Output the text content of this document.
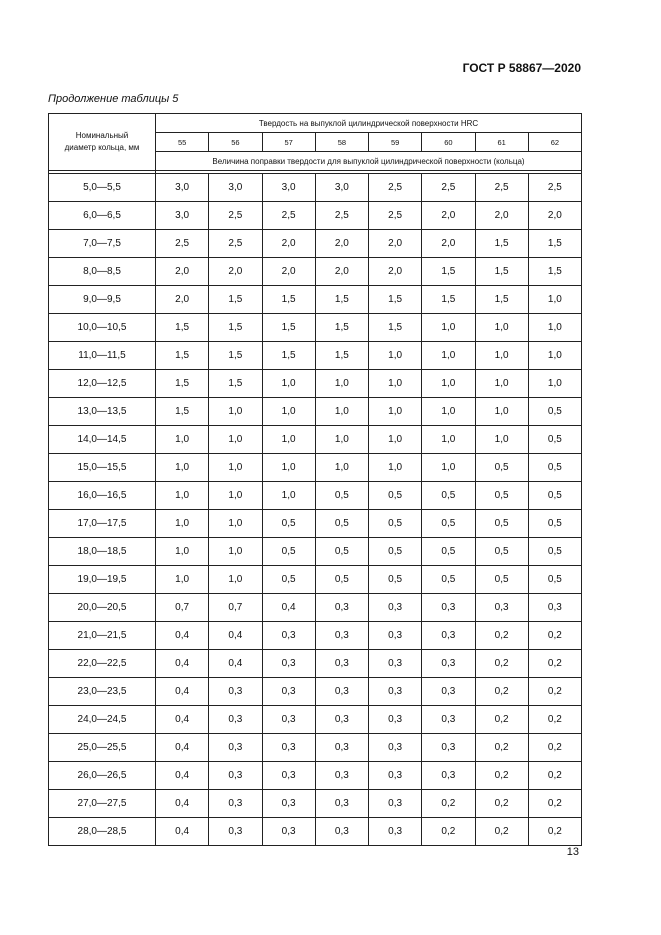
ГОСТ Р 58867—2020
Продолжение таблицы 5
Номинальный
диаметр кольца, мм	Твердость на выпуклой цилиндрической поверхности HRC							
	55	56	57	58	59	60	61	62
	Величина поправки твердости для выпуклой цилиндрической поверхности (кольца)							

5,0—5,5	3,0	3,0	3,0	3,0	2,5	2,5	2,5	2,5
6,0—6,5	3,0	2,5	2,5	2,5	2,5	2,0	2,0	2,0
7,0—7,5	2,5	2,5	2,0	2,0	2,0	2,0	1,5	1,5
8,0—8,5	2,0	2,0	2,0	2,0	2,0	1,5	1,5	1,5
9,0—9,5	2,0	1,5	1,5	1,5	1,5	1,5	1,5	1,0
10,0—10,5	1,5	1,5	1,5	1,5	1,5	1,0	1,0	1,0
11,0—11,5	1,5	1,5	1,5	1,5	1,0	1,0	1,0	1,0
12,0—12,5	1,5	1,5	1,0	1,0	1,0	1,0	1,0	1,0
13,0—13,5	1,5	1,0	1,0	1,0	1,0	1,0	1,0	0,5
14,0—14,5	1,0	1,0	1,0	1,0	1,0	1,0	1,0	0,5
15,0—15,5	1,0	1,0	1,0	1,0	1,0	1,0	0,5	0,5
16,0—16,5	1,0	1,0	1,0	0,5	0,5	0,5	0,5	0,5
17,0—17,5	1,0	1,0	0,5	0,5	0,5	0,5	0,5	0,5
18,0—18,5	1,0	1,0	0,5	0,5	0,5	0,5	0,5	0,5
19,0—19,5	1,0	1,0	0,5	0,5	0,5	0,5	0,5	0,5
20,0—20,5	0,7	0,7	0,4	0,3	0,3	0,3	0,3	0,3
21,0—21,5	0,4	0,4	0,3	0,3	0,3	0,3	0,2	0,2
22,0—22,5	0,4	0,4	0,3	0,3	0,3	0,3	0,2	0,2
23,0—23,5	0,4	0,3	0,3	0,3	0,3	0,3	0,2	0,2
24,0—24,5	0,4	0,3	0,3	0,3	0,3	0,3	0,2	0,2
25,0—25,5	0,4	0,3	0,3	0,3	0,3	0,3	0,2	0,2
26,0—26,5	0,4	0,3	0,3	0,3	0,3	0,3	0,2	0,2
27,0—27,5	0,4	0,3	0,3	0,3	0,3	0,2	0,2	0,2
28,0—28,5	0,4	0,3	0,3	0,3	0,3	0,2	0,2	0,2
13
